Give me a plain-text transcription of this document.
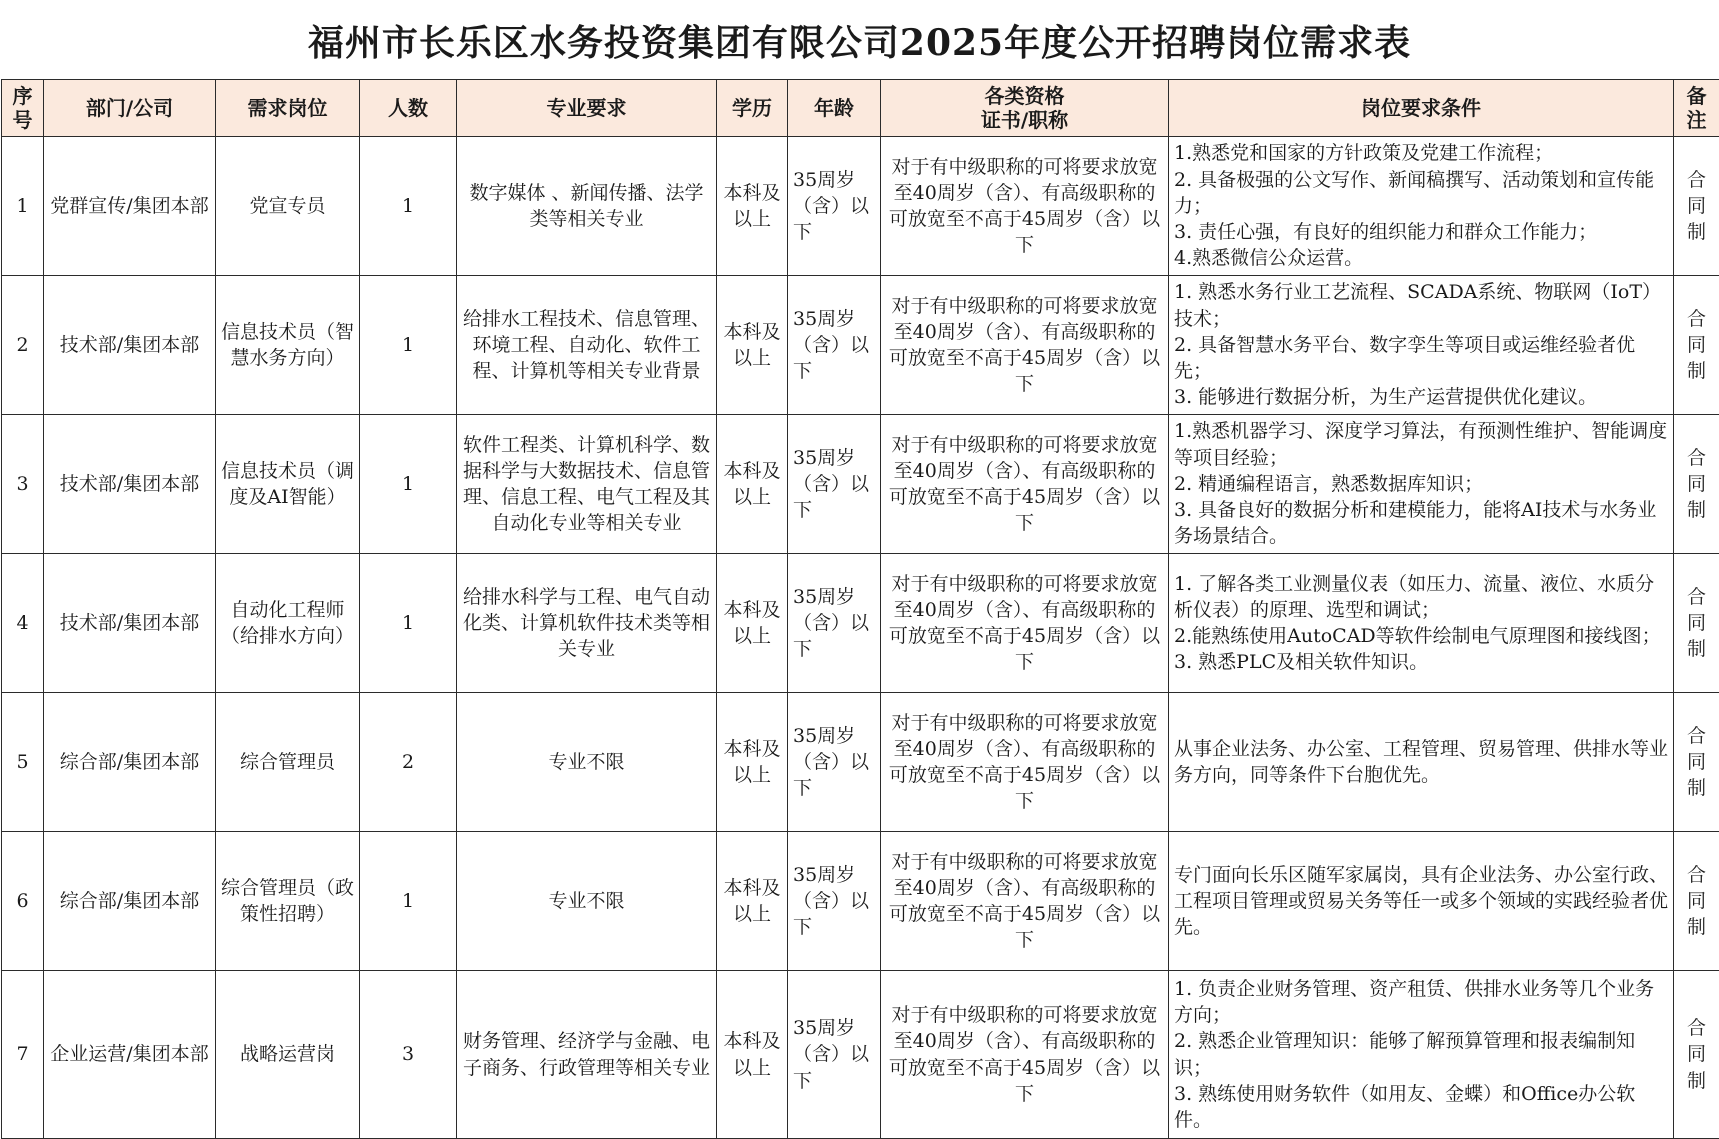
福州市长乐区水务投资集团有限公司2025年度公开招聘岗位需求表
序号	部门/公司	需求岗位	人数	专业要求	学历	年龄	各类资格
证书/职称	岗位要求条件	备注
1	党群宣传/集团本部	党宣专员	1	数字媒体 、新闻传播、法学类等相关专业	本科及以上	35周岁（含）以下	对于有中级职称的可将要求放宽至40周岁（含）、有高级职称的可放宽至不高于45周岁（含）以下	1.熟悉党和国家的方针政策及党建工作流程；
2. 具备极强的公文写作、新闻稿撰写、活动策划和宣传能力；
3. 责任心强，有良好的组织能力和群众工作能力；
4.熟悉微信公众运营。	合同制
2	技术部/集团本部	信息技术员（智慧水务方向）	1	给排水工程技术、信息管理、环境工程、自动化、软件工程、计算机等相关专业背景	本科及以上	35周岁（含）以下	对于有中级职称的可将要求放宽至40周岁（含）、有高级职称的可放宽至不高于45周岁（含）以下	1. 熟悉水务行业工艺流程、SCADA系统、物联网（IoT）技术；
2. 具备智慧水务平台、数字孪生等项目或运维经验者优先；
3. 能够进行数据分析，为生产运营提供优化建议。	合同制
3	技术部/集团本部	信息技术员（调度及AI智能）	1	软件工程类、计算机科学、数据科学与大数据技术、信息管理、信息工程、电气工程及其自动化专业等相关专业	本科及以上	35周岁（含）以下	对于有中级职称的可将要求放宽至40周岁（含）、有高级职称的可放宽至不高于45周岁（含）以下	1.熟悉机器学习、深度学习算法，有预测性维护、智能调度等项目经验；
2. 精通编程语言，熟悉数据库知识；
3. 具备良好的数据分析和建模能力，能将AI技术与水务业务场景结合。	合同制
4	技术部/集团本部	自动化工程师（给排水方向）	1	给排水科学与工程、电气自动化类、计算机软件技术类等相关专业	本科及以上	35周岁（含）以下	对于有中级职称的可将要求放宽至40周岁（含）、有高级职称的可放宽至不高于45周岁（含）以下	1. 了解各类工业测量仪表（如压力、流量、液位、水质分析仪表）的原理、选型和调试；
2.能熟练使用AutoCAD等软件绘制电气原理图和接线图；
3. 熟悉PLC及相关软件知识。	合同制
5	综合部/集团本部	综合管理员	2	专业不限	本科及以上	35周岁（含）以下	对于有中级职称的可将要求放宽至40周岁（含）、有高级职称的可放宽至不高于45周岁（含）以下	从事企业法务、办公室、工程管理、贸易管理、供排水等业务方向，同等条件下台胞优先。	合同制
6	综合部/集团本部	综合管理员（政策性招聘）	1	专业不限	本科及以上	35周岁（含）以下	对于有中级职称的可将要求放宽至40周岁（含）、有高级职称的可放宽至不高于45周岁（含）以下	专门面向长乐区随军家属岗，具有企业法务、办公室行政、工程项目管理或贸易关务等任一或多个领域的实践经验者优先。	合同制
7	企业运营/集团本部	战略运营岗	3	财务管理、经济学与金融、电子商务、行政管理等相关专业	本科及以上	35周岁（含）以下	对于有中级职称的可将要求放宽至40周岁（含）、有高级职称的可放宽至不高于45周岁（含）以下	1. 负责企业财务管理、资产租赁、供排水业务等几个业务方向；
2. 熟悉企业管理知识：能够了解预算管理和报表编制知识；
3. 熟练使用财务软件（如用友、金蝶）和Office办公软件。	合同制
